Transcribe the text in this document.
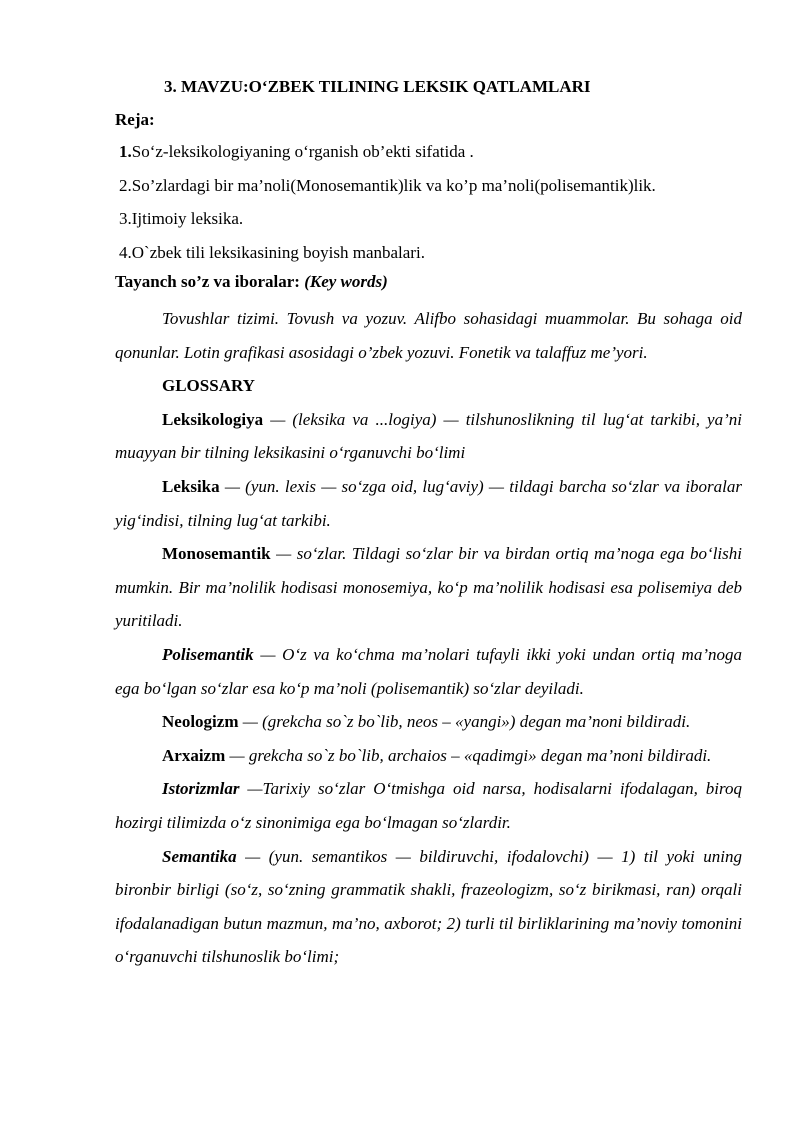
3. MAVZU:O‘ZBEK TILINING LEKSIK QATLAMLARI
Reja:
1.So‘z-leksikologiyaning o‘rganish ob’ekti sifatida .
2.So’zlardagi bir ma’noli(Monosemantik)lik va ko’p ma’noli(polisemantik)lik.
3.Ijtimoiy leksika.
4.O`zbek tili leksikasining boyish manbalari.
Tayanch so’z va iboralar: (Key words)

Tovushlar tizimi. Tovush va yozuv. Alifbo sohasidagi muammolar. Bu sohaga oid qonunlar. Lotin grafikasi asosidagi o’zbek yozuvi. Fonetik va talaffuz me’yori.

GLOSSARY

Leksikologiya — (leksika va ...logiya) — tilshunoslikning til lug‘at tarkibi, ya’ni muayyan bir tilning leksikasini o‘rganuvchi bo‘limi

Leksika — (yun. lexis — so‘zga oid, lug‘aviy) — tildagi barcha so‘zlar va iboralar yig‘indisi, tilning lug‘at tarkibi.

Monosemantik — so‘zlar. Tildagi so‘zlar bir va birdan ortiq ma’noga ega bo‘lishi mumkin. Bir ma’nolilik hodisasi monosemiya, ko‘p ma’nolilik hodisasi esa polisemiya deb yuritiladi.

Polisemantik — O‘z va ko‘chma ma’nolari tufayli ikki yoki undan ortiq ma’noga ega bo‘lgan so‘zlar esa ko‘p ma’noli (polisemantik) so‘zlar deyiladi.

Neologizm — (grekcha so`z bo`lib, neos – «yangi») degan ma’noni bildiradi.

Arxaizm — grekcha so`z bo`lib, archaios – «qadimgi» degan ma’noni bildiradi.

Istorizmlar —Tarixiy so‘zlar O‘tmishga oid narsa, hodisalarni ifodalagan, biroq hozirgi tilimizda o‘z sinonimiga ega bo‘lmagan so‘zlardir.

Semantika — (yun. semantikos — bildiruvchi, ifodalovchi) — 1) til yoki uning bironbir birligi (so‘z, so‘zning grammatik shakli, frazeologizm, so‘z birikmasi, ran) orqali ifodalanadigan butun mazmun, ma’no, axborot; 2) turli til birliklarining ma’noviy tomonini o‘rganuvchi tilshunoslik bo‘limi;
